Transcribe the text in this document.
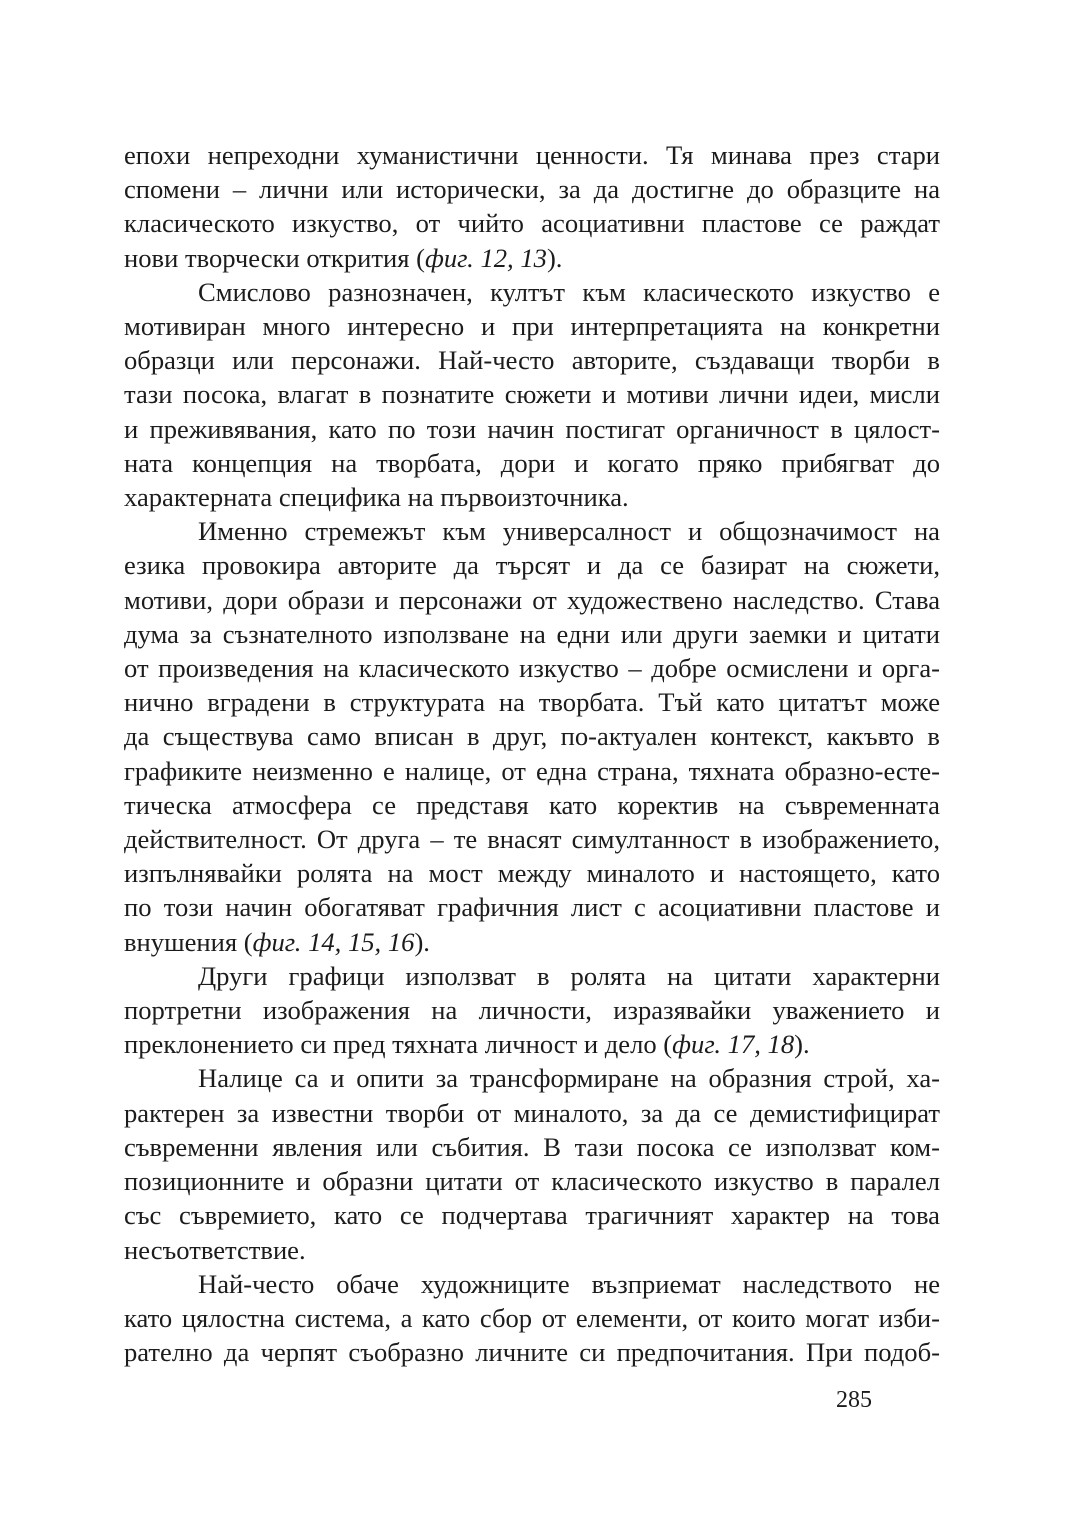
епохи непреходни хуманистични ценности. Тя минава през стари
спомени – лични или исторически, за да достигне до образците на
класическото изкуство, от чийто асоциативни пластове се раждат
нови творчески открития (фиг. 12, 13).

Смислово разнозначен, култът към класическото изкуство е
мотивиран много интересно и при интерпретацията на конкретни
образци или персонажи. Най-често авторите, създаващи творби в
тази посока, влагат в познатите сюжети и мотиви лични идеи, мисли
и преживявания, като по този начин постигат органичност в цялост-
ната концепция на творбата, дори и когато пряко прибягват до
характерната специфика на първоизточника.

Именно стремежът към универсалност и общозначимост на
езика провокира авторите да търсят и да се базират на сюжети,
мотиви, дори образи и персонажи от художествено наследство. Става
дума за съзнателното използване на едни или други заемки и цитати
от произведения на класическото изкуство – добре осмислени и орга-
нично вградени в структурата на творбата. Тъй като цитатът може
да съществува само вписан в друг, по-актуален контекст, какъвто в
графиките неизменно е налице, от една страна, тяхната образно-есте-
тическа атмосфера се представя като коректив на съвременната
действителност. От друга – те внасят симултанност в изображението,
изпълнявайки ролята на мост между миналото и настоящето, като
по този начин обогатяват графичния лист с асоциативни пластове и
внушения (фиг. 14, 15, 16).

Други графици използват в ролята на цитати характерни
портретни изображения на личности, изразявайки уважението и
преклонението си пред тяхната личност и дело (фиг. 17, 18).

Налице са и опити за трансформиране на образния строй, ха-
рактерен за известни творби от миналото, за да се демистифицират
съвременни явления или събития. В тази посока се използват ком-
позиционните и образни цитати от класическото изкуство в паралел
със съвремието, като се подчертава трагичният характер на това
несъответствие.

Най-често обаче художниците възприемат наследството не
като цялостна система, а като сбор от елементи, от които могат изби-
рателно да черпят съобразно личните си предпочитания. При подоб-

285
